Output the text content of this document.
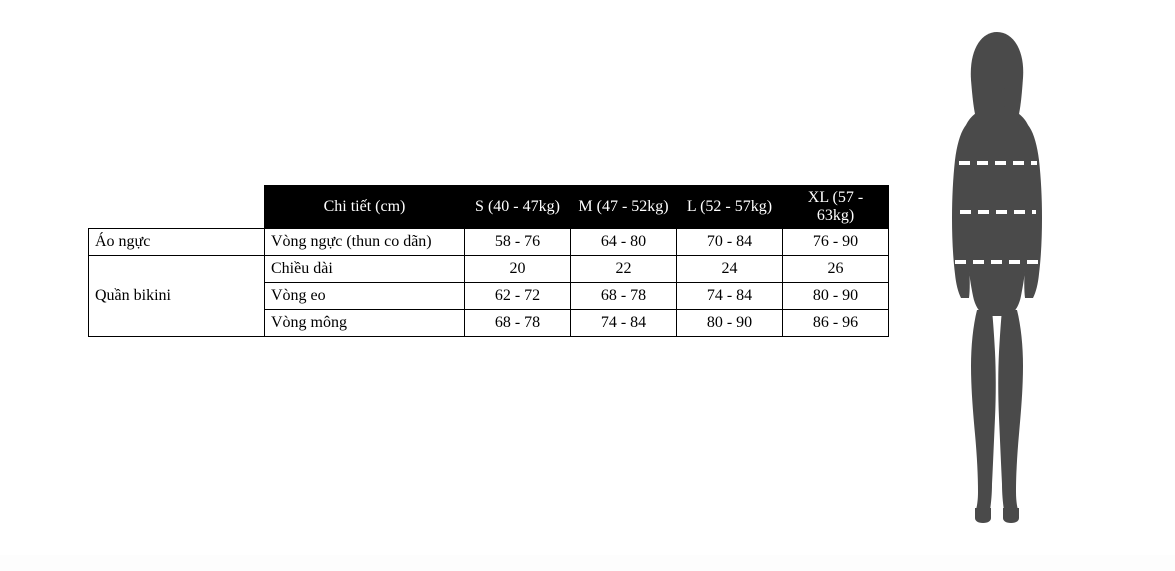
	Chi tiết (cm)	S (40 - 47kg)	M (47 - 52kg)	L (52 - 57kg)	XL (57 - 63kg)
Áo ngực	Vòng ngực (thun co dãn)	58 - 76	64 - 80	70 - 84	76 - 90
Quần bikini	Chiều dài	20	22	24	26
	Vòng eo	62 - 72	68 - 78	74 - 84	80 - 90
	Vòng mông	68 - 78	74 - 84	80 - 90	86 - 96
